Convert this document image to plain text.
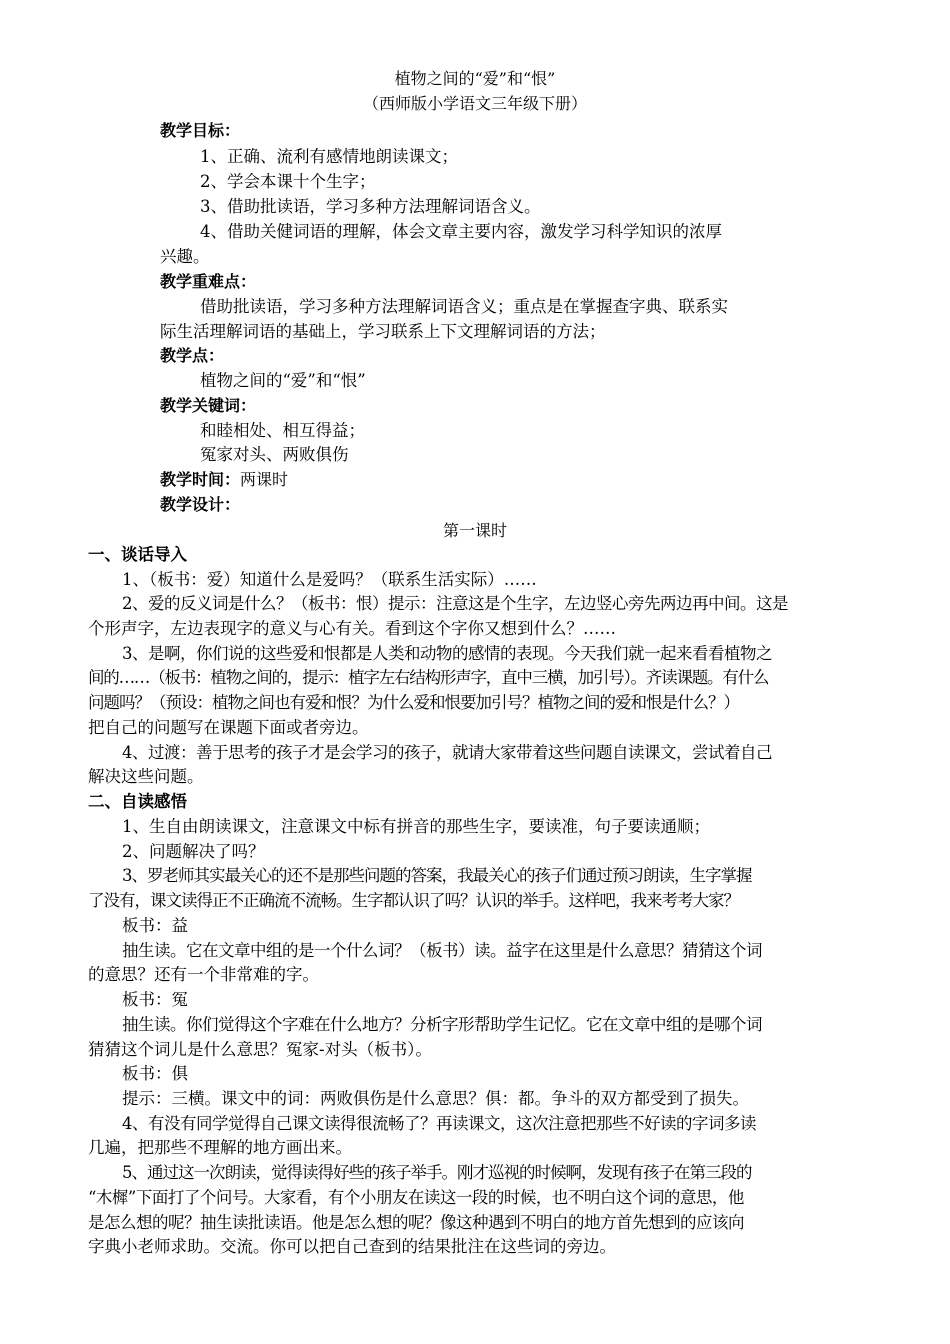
植物之间的“爱”和“恨”
（西师版小学语文三年级下册）
教学目标：
1、正确、流利有感情地朗读课文；
2、学会本课十个生字；
3、借助批读语，学习多种方法理解词语含义。
4、借助关健词语的理解，体会文章主要内容，激发学习科学知识的浓厚
兴趣。
教学重难点：
借助批读语，学习多种方法理解词语含义；重点是在掌握查字典、联系实
际生活理解词语的基础上，学习联系上下文理解词语的方法；
教学点：
植物之间的“爱”和“恨”
教学关键词：
和睦相处、相互得益；
冤家对头、两败俱伤
教学时间：两课时
教学设计：
第一课时
一、谈话导入
1、（板书：爱）知道什么是爱吗？（联系生活实际）……
2、爱的反义词是什么？（板书：恨）提示：注意这是个生字，左边竖心旁先两边再中间。这是
个形声字，左边表现字的意义与心有关。看到这个字你又想到什么？……
3、是啊，你们说的这些爱和恨都是人类和动物的感情的表现。今天我们就一起来看看植物之
间的……（板书：植物之间的，提示：植字左右结构形声字，直中三横，加引号）。齐读课题。有什么
问题吗？（预设：植物之间也有爱和恨？为什么爱和恨要加引号？植物之间的爱和恨是什么？）
把自己的问题写在课题下面或者旁边。
4、过渡：善于思考的孩子才是会学习的孩子，就请大家带着这些问题自读课文，尝试着自己
解决这些问题。
二、自读感悟
1、生自由朗读课文，注意课文中标有拼音的那些生字，要读准，句子要读通顺；
2、问题解决了吗？
3、罗老师其实最关心的还不是那些问题的答案，我最关心的孩子们通过预习朗读，生字掌握
了没有，课文读得正不正确流不流畅。生字都认识了吗？认识的举手。这样吧，我来考考大家？
板书：益
抽生读。它在文章中组的是一个什么词？（板书）读。益字在这里是什么意思？猜猜这个词
的意思？还有一个非常难的字。
板书：冤
抽生读。你们觉得这个字难在什么地方？分析字形帮助学生记忆。它在文章中组的是哪个词
猜猜这个词儿是什么意思？冤家-对头（板书）。
板书：俱
提示：三横。课文中的词：两败俱伤是什么意思？俱：都。争斗的双方都受到了损失。
4、有没有同学觉得自己课文读得很流畅了？再读课文，这次注意把那些不好读的字词多读
几遍，把那些不理解的地方画出来。
5、通过这一次朗读，觉得读得好些的孩子举手。刚才巡视的时候啊，发现有孩子在第三段的
“木樨”下面打了个问号。大家看，有个小朋友在读这一段的时候，也不明白这个词的意思，他
是怎么想的呢？抽生读批读语。他是怎么想的呢？像这种遇到不明白的地方首先想到的应该向
字典小老师求助。交流。你可以把自己查到的结果批注在这些词的旁边。
